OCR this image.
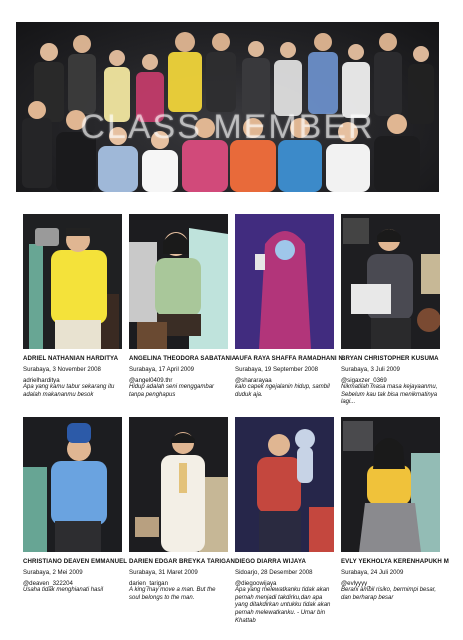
CLASS MEMBER
ADRIEL NATHANIAN HARDITYA
Surabaya, 3 November 2008
adrielharditya
Apa yang kamu tabur sekarang itu adalah makananmu besok
ANGELINA THEODORA SABATANIA
Surabaya, 17 April 2009
@angel0409.thr
Hidup adalah seni menggambar tanpa penghapus
AUFA RAYA SHAFFA RAMADHANI N
Surabaya, 19 September 2008
@shararayaa
kalo capek ngejalanin hidup, sambil duduk aja.
BRYAN CHRISTOPHER KUSUMA
Surabaya, 3 Juli 2009
@sigaxzer_0369
Nikmatilah masa masa kejayaanmu, Sebelum kau tak bisa menikmatinya lagi...
CHRISTIANO DEAVEN EMMANUEL
Surabaya, 2 Mei 2009
@deaven_322204
Usaha tidak menghianati hasil
DARIEN EDGAR BREYKA TARIGAN
Surabaya, 31 Maret 2009
darien_tarigan
A king may move a man. But the soul belongs to the man.
DIEGO DIARRA WIJAYA
Sidoarjo, 28 Desember 2008
@diegoowijaya
Apa yang melewatkanku tidak akan pernah menjadi takdirku,dan apa yang ditakdirkan untukku tidak akan pernah melewatkanku. - Umar bin Khattab
EVLY YEKHOLYA KERENHAPUKH M
Surabaya, 24 Juli 2009
@evlyyyy_
Berani ambil risiko, bermimpi besar, dan berharap besar
